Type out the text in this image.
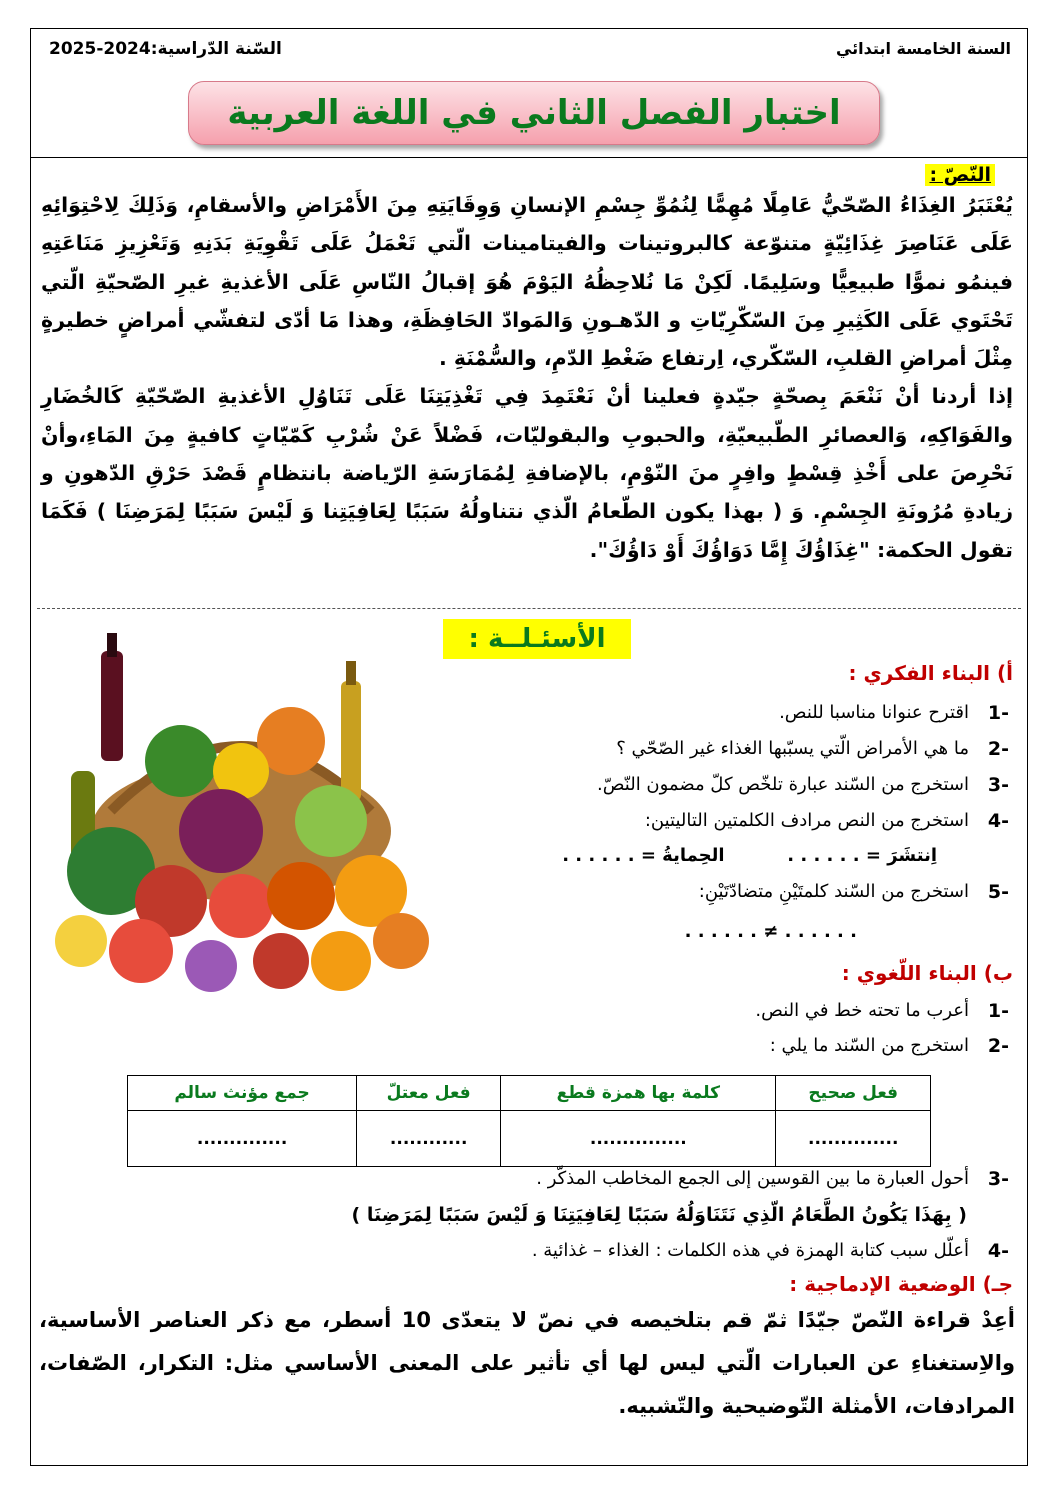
السنة الخامسة ابتدائي
السّنة الدّراسية:2024-2025
اختبار الفصل الثاني في اللغة العربية
النّصّ :

يُعْتَبَرُ الغِذَاءُ الصّحّيُّ عَامِلًا مُهِمًّا لِنُمُوِّ جِسْمِ الإنسانِ وَوِقَايَتِهِ مِنَ الأَمْرَاضِ والأسقامِ، وَذَلِكَ لِاحْتِوَائِهِ عَلَى عَنَاصِرَ غِذَائِيّةٍ متنوّعة كالبروتينات والفيتامينات الّتي تَعْمَلُ عَلَى تَقْوِيَةِ بَدَنِهِ وَتَعْزِيزِ مَنَاعَتِهِ فينمُو نموًّا طبيعِيًّا وسَلِيمًا. لَكِنْ مَا نُلاحِظُهُ اليَوْمَ هُوَ إقبالُ النّاسِ عَلَى الأغذيةِ غيرِ الصّحيّةِ الّتي تَحْتَوي عَلَى الكَثِيرِ مِنَ السّكّرِيّاتِ و الدّهـونِ وَالمَوادّ الحَافِظَةِ، وهذا مَا أدّى لتفشّي أمراضٍ خطيرةٍ مِثْلَ أمراضِ القلبِ، السّكّري، اِرتفاع ضَغْطِ الدّمِ، والسُّمْنَةِ .

إذا أردنا أنْ نَنْعَمَ بِصحّةٍ جيّدةٍ فعلينا أنْ نَعْتَمِدَ فِي تَغْذِيَتِنَا عَلَى تَنَاوُلِ الأغذيةِ الصّحّيّةِ كَالخُضَارِ والفَوَاكِهِ، وَالعصائرِ الطّبيعيّةِ، والحبوبِ والبقوليّات، فَضْلاً عَنْ شُرْبِ كَمّيّاتٍ كافيةٍ مِنَ المَاءِ،وأنْ نَحْرِصَ على أَخْذِ قِسْطٍ وافِرٍ منَ النّوْمِ، بالإضافةِ لِمُمَارَسَةِ الرّياضة بانتظامٍ قَصْدَ حَرْقِ الدّهونِ و زيادةِ مُرُونَةِ الجِسْمِ. وَ ( بهذا يكون الطّعامُ الّذي نتناولُهُ سَبَبًا لِعَافِيَتِنا وَ لَيْسَ سَبَبًا لِمَرَضِنَا ) فَكَمَا تقول الحكمة: "غِذَاؤُكَ إِمَّا دَوَاؤُكَ أَوْ دَاؤُكَ".

الأسئـلــة :
أ) البناء الفكري :
1-
اقترح عنوانا مناسبا للنص.
2-
ما هي الأمراض الّتي يسبّبها الغذاء غير الصّحّي ؟
3-
استخرج من السّند عبارة تلخّص كلّ مضمون النّصّ.
4-
استخرج من النص مرادف الكلمتين التاليتين:
اِنتشَرَ = . . . . . .          الحِمايةُ = . . . . . .
5-
استخرج من السّند كلمتَيْنِ متضادّتَيْنِ:
. . . . . . ≠ . . . . . .
ب) البناء اللّغوي :
1-
أعرب ما تحته خط في النص.
2-
استخرج من السّند ما يلي :
فعل صحيح	كلمة بها همزة قطع	فعل معتلّ	جمع مؤنث سالم
..............	...............	............	..............
3-
أحول العبارة ما بين القوسين إلى الجمع المخاطب المذكّر .
( بِهَذَا يَكُونُ الطَّعَامُ الّذِي نَتَنَاوَلُهُ سَبَبًا لِعَافِيَتِنَا وَ لَيْسَ سَبَبًا لِمَرَضِنَا )
4-
أعلّل سبب كتابة الهمزة في هذه الكلمات : الغذاء – غذائية .
جـ) الوضعية الإدماجية :
أعِدْ قراءة النّصّ جيّدًا ثمّ قم بتلخيصه في نصّ لا يتعدّى 10 أسطر، مع ذكر العناصر الأساسية، والاِستغناءِ عن العبارات الّتي ليس لها أي تأثير على المعنى الأساسي مثل: التكرار، الصّفات، المرادفات، الأمثلة التّوضيحية والتّشبيه.
